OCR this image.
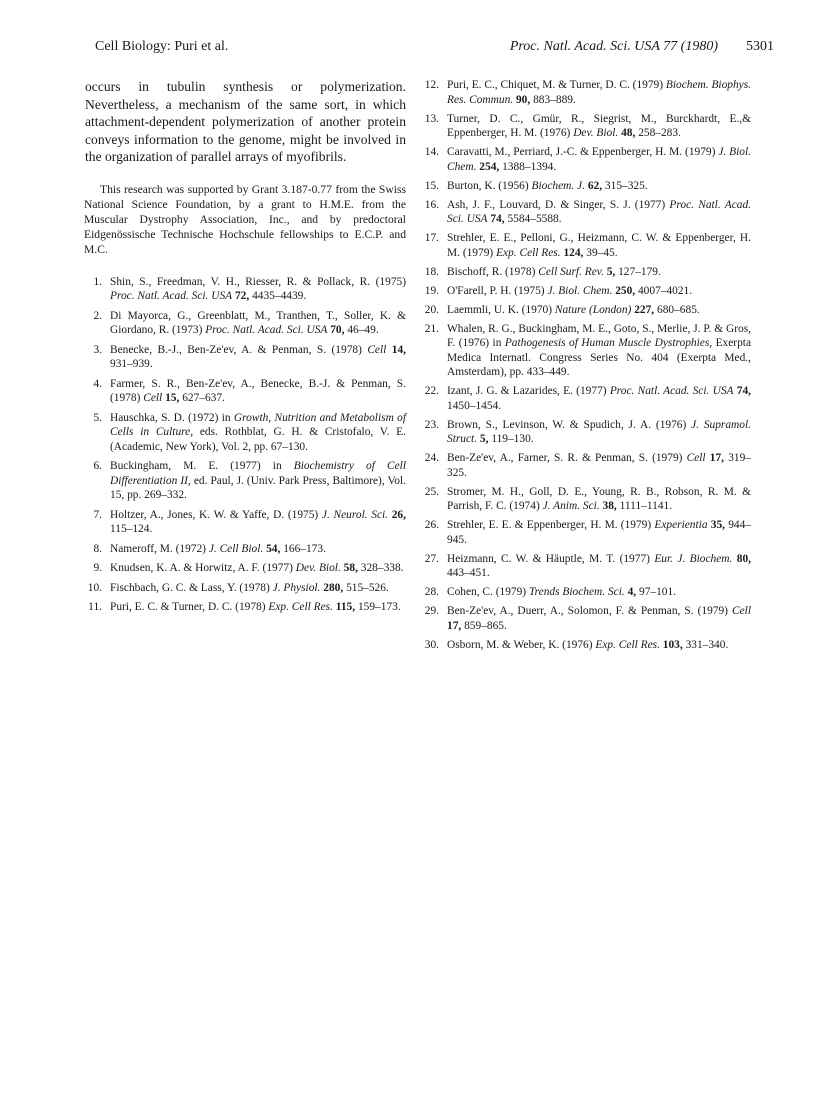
Cell Biology: Puri et al.	Proc. Natl. Acad. Sci. USA 77 (1980) 5301

occurs in tubulin synthesis or polymerization. Nevertheless, a mechanism of the same sort, in which attachment-dependent polymerization of another protein conveys information to the genome, might be involved in the organization of parallel arrays of myofibrils.

This research was supported by Grant 3.187-0.77 from the Swiss National Science Foundation, by a grant to H.M.E. from the Muscular Dystrophy Association, Inc., and by predoctoral Eidgenössische Technische Hochschule fellowships to E.C.P. and M.C.

1. Shin, S., Freedman, V. H., Riesser, R. & Pollack, R. (1975) Proc. Natl. Acad. Sci. USA 72, 4435–4439.
2. Di Mayorca, G., Greenblatt, M., Tranthen, T., Soller, K. & Giordano, R. (1973) Proc. Natl. Acad. Sci. USA 70, 46–49.
3. Benecke, B.-J., Ben-Ze'ev, A. & Penman, S. (1978) Cell 14, 931–939.
4. Farmer, S. R., Ben-Ze'ev, A., Benecke, B.-J. & Penman, S. (1978) Cell 15, 627–637.
5. Hauschka, S. D. (1972) in Growth, Nutrition and Metabolism of Cells in Culture, eds. Rothblat, G. H. & Cristofalo, V. E. (Academic, New York), Vol. 2, pp. 67–130.
6. Buckingham, M. E. (1977) in Biochemistry of Cell Differentiation II, ed. Paul, J. (Univ. Park Press, Baltimore), Vol. 15, pp. 269–332.
7. Holtzer, A., Jones, K. W. & Yaffe, D. (1975) J. Neurol. Sci. 26, 115–124.
8. Nameroff, M. (1972) J. Cell Biol. 54, 166–173.
9. Knudsen, K. A. & Horwitz, A. F. (1977) Dev. Biol. 58, 328–338.
10. Fischbach, G. C. & Lass, Y. (1978) J. Physiol. 280, 515–526.
11. Puri, E. C. & Turner, D. C. (1978) Exp. Cell Res. 115, 159–173.
12. Puri, E. C., Chiquet, M. & Turner, D. C. (1979) Biochem. Biophys. Res. Commun. 90, 883–889.
13. Turner, D. C., Gmür, R., Siegrist, M., Burckhardt, E.,& Eppenberger, H. M. (1976) Dev. Biol. 48, 258–283.
14. Caravatti, M., Perriard, J.-C. & Eppenberger, H. M. (1979) J. Biol. Chem. 254, 1388–1394.
15. Burton, K. (1956) Biochem. J. 62, 315–325.
16. Ash, J. F., Louvard, D. & Singer, S. J. (1977) Proc. Natl. Acad. Sci. USA 74, 5584–5588.
17. Strehler, E. E., Pelloni, G., Heizmann, C. W. & Eppenberger, H. M. (1979) Exp. Cell Res. 124, 39–45.
18. Bischoff, R. (1978) Cell Surf. Rev. 5, 127–179.
19. O'Farell, P. H. (1975) J. Biol. Chem. 250, 4007–4021.
20. Laemmli, U. K. (1970) Nature (London) 227, 680–685.
21. Whalen, R. G., Buckingham, M. E., Goto, S., Merlie, J. P. & Gros, F. (1976) in Pathogenesis of Human Muscle Dystrophies, Exerpta Medica Internatl. Congress Series No. 404 (Exerpta Med., Amsterdam), pp. 433–449.
22. Izant, J. G. & Lazarides, E. (1977) Proc. Natl. Acad. Sci. USA 74, 1450–1454.
23. Brown, S., Levinson, W. & Spudich, J. A. (1976) J. Supramol. Struct. 5, 119–130.
24. Ben-Ze'ev, A., Farner, S. R. & Penman, S. (1979) Cell 17, 319–325.
25. Stromer, M. H., Goll, D. E., Young, R. B., Robson, R. M. & Parrish, F. C. (1974) J. Anim. Sci. 38, 1111–1141.
26. Strehler, E. E. & Eppenberger, H. M. (1979) Experientia 35, 944–945.
27. Heizmann, C. W. & Häuptle, M. T. (1977) Eur. J. Biochem. 80, 443–451.
28. Cohen, C. (1979) Trends Biochem. Sci. 4, 97–101.
29. Ben-Ze'ev, A., Duerr, A., Solomon, F. & Penman, S. (1979) Cell 17, 859–865.
30. Osborn, M. & Weber, K. (1976) Exp. Cell Res. 103, 331–340.
